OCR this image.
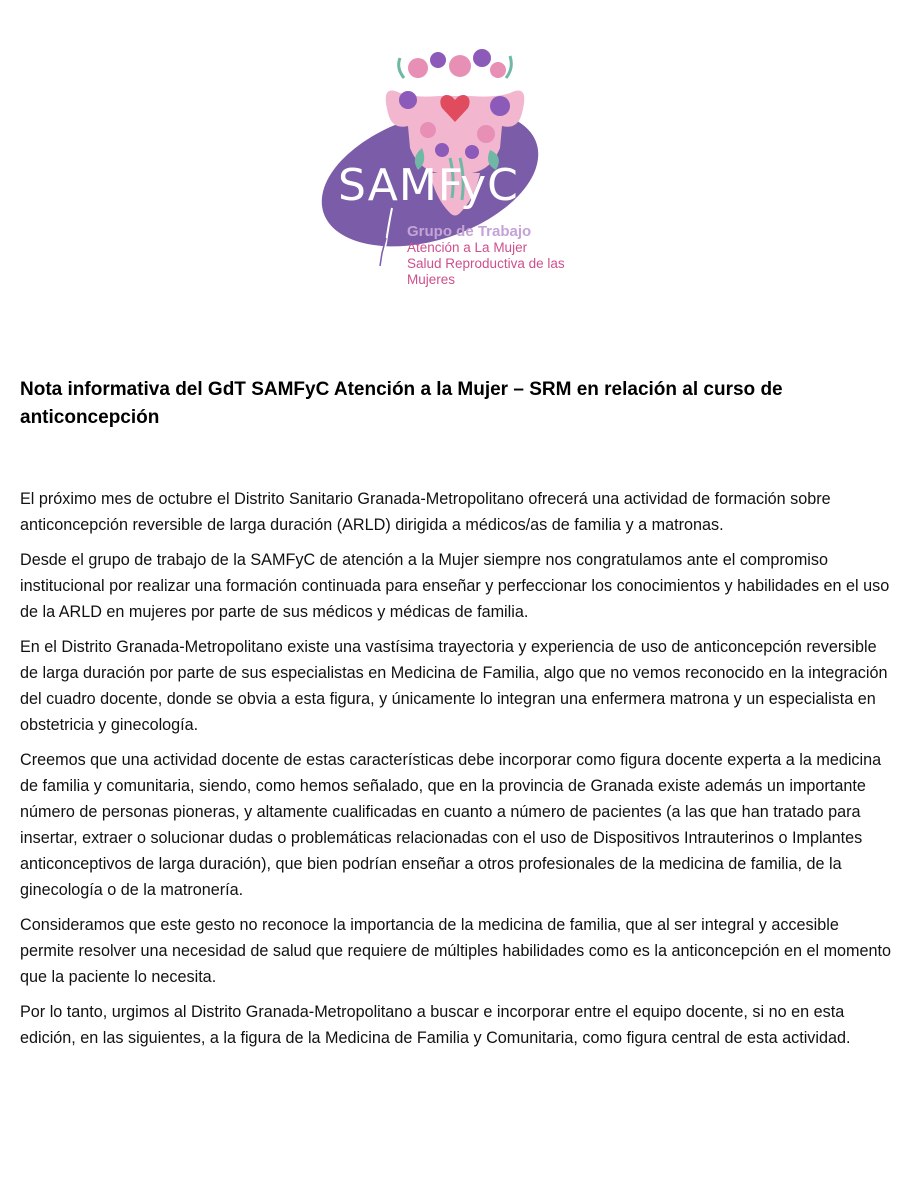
SAMFyC
Grupo de Trabajo
Atención a La Mujer
Salud Reproductiva de las
Mujeres
Nota informativa del GdT SAMFyC Atención a la Mujer – SRM en relación al curso de anticoncepción

El próximo mes de octubre el Distrito Sanitario Granada-Metropolitano ofrecerá una actividad de formación sobre anticoncepción reversible de larga duración (ARLD) dirigida a médicos/as de familia y a matronas.

Desde el grupo de trabajo de la SAMFyC de atención a la Mujer siempre nos congratulamos ante el compromiso institucional por realizar una formación continuada para enseñar y perfeccionar los conocimientos y habilidades en el uso de la ARLD en mujeres por parte de sus médicos y médicas de familia.

En el Distrito Granada-Metropolitano existe una vastísima trayectoria y experiencia de uso de anticoncepción reversible de larga duración por parte de sus especialistas en Medicina de Familia, algo que no vemos reconocido en la integración del cuadro docente, donde se obvia a esta figura, y únicamente lo integran una enfermera matrona y un especialista en obstetricia y ginecología.

Creemos que una actividad docente de estas características debe incorporar como figura docente experta a la medicina de familia y comunitaria, siendo, como hemos señalado, que en la provincia de Granada existe además un importante número de personas pioneras, y altamente cualificadas en cuanto a número de pacientes (a las que han tratado para insertar, extraer o solucionar dudas o problemáticas relacionadas con el uso de Dispositivos Intrauterinos o Implantes anticonceptivos de larga duración), que bien podrían enseñar a otros profesionales de la medicina de familia, de la ginecología o de la matronería.

Consideramos que este gesto no reconoce la importancia de la medicina de familia, que al ser integral y accesible permite resolver una necesidad de salud que requiere de múltiples habilidades como es la anticoncepción en el momento que la paciente lo necesita.

Por lo tanto, urgimos al Distrito Granada-Metropolitano a buscar e incorporar entre el equipo docente, si no en esta edición, en las siguientes, a la figura de la Medicina de Familia y Comunitaria, como figura central de esta actividad.
